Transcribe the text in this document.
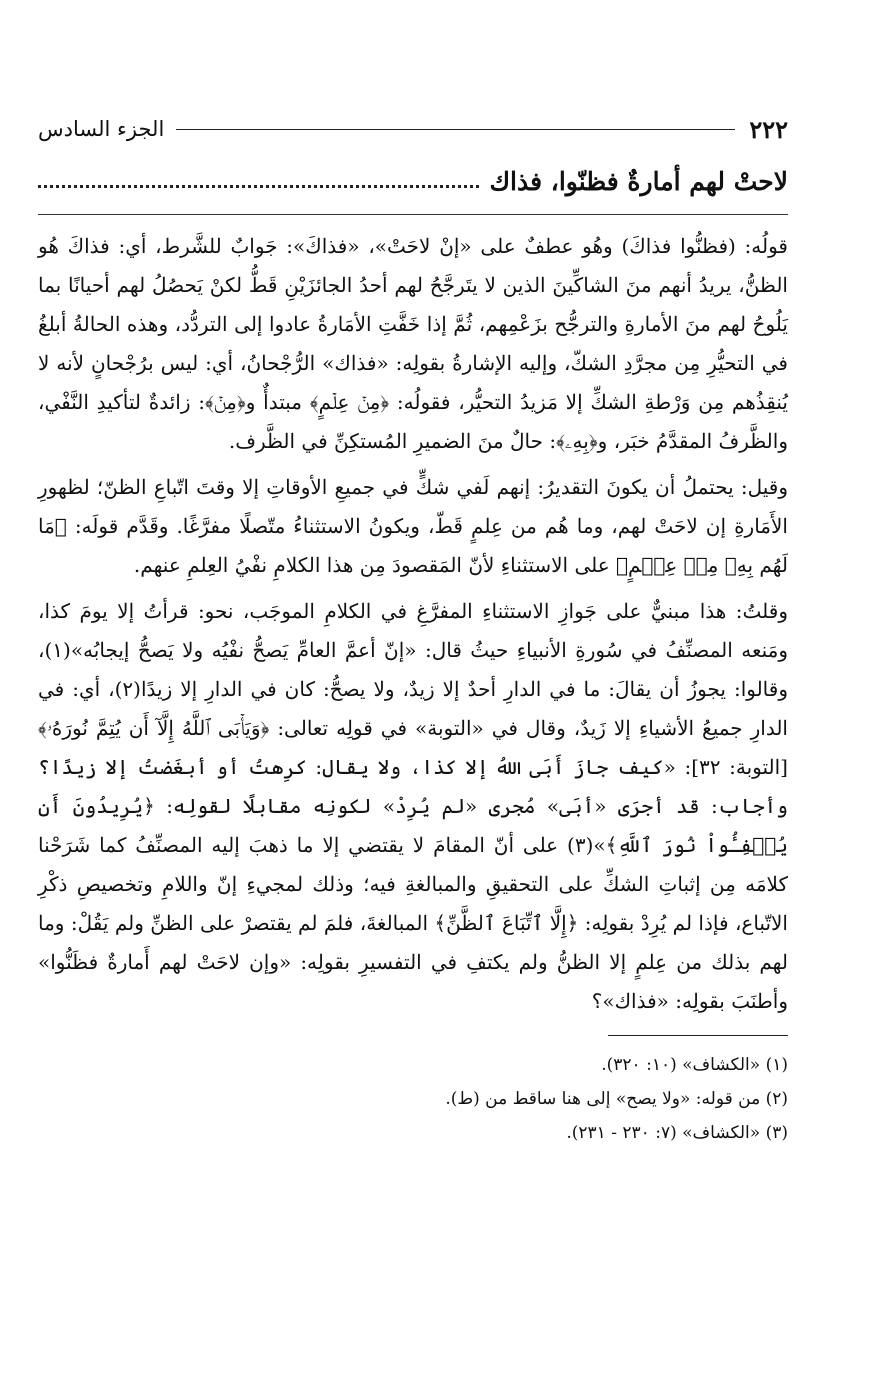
٢٢٢
الجزء السادس
لاحتْ لهم أمارةٌ فظنّوا، فذاك

قولُه: (فظنُّوا فذاكَ) وهُو عطفٌ على «إنْ لاحَتْ»، «فذاكَ»: جَوابٌ للشَّرط، أي: فذاكَ هُو الظنُّ، يريدُ أنهم منَ الشاكِّينَ الذين لا يتَرجَّحُ لهم أحدُ الجائزَيْنِ قَطُّ لكنْ يَحصُلُ لهم أحيانًا بما يَلُوحُ لهم منَ الأمارةِ والترجُّح بزَعْمِهم، ثُمَّ إذا خَفَّتِ الأمَارةُ عادوا إلى التردُّد، وهذه الحالةُ أبلغُ في التحيُّرِ مِن مجرَّدِ الشكّ، وإليه الإشارةُ بقولِه: «فذاك» الرُّجْحانُ، أي: ليس برُجْحانٍ لأنه لا يُنقِذُهم مِن وَرْطةِ الشكِّ إلا مَزيدُ التحيُّر، فقولُه: ﴿مِنۡ عِلۡمٍ﴾ مبتدأٌ و﴿مِنۡ﴾: زائدةٌ لتأكيدِ النَّفْي، والظَّرفُ المقدَّمُ خبَر، و﴿بِهِۦ﴾: حالٌ منَ الضميرِ المُستكِنِّ في الظَّرف.

وقيل: يحتملُ أن يكونَ التقديرُ: إنهم لَفي شكٍّ في جميعِ الأوقاتِ إلا وقتَ اتّباعِ الظنّ؛ لظهورِ الأَمَارةِ إن لاحَتْ لهم، وما هُم من عِلمٍ قَطّ، ويكونُ الاستثناءُ متّصلًا مفرَّغًا. وقَدَّم قولَه: ﴿مَا لَهُم بِهِۦ مِنۡ عِلۡمٍ﴾ على الاستثناءِ لأنّ المَقصودَ مِن هذا الكلامِ نفْيُ العِلمِ عنهم.

وقلتُ: هذا مبنيٌّ على جَوازِ الاستثناءِ المفرَّغِ في الكلامِ الموجَب، نحو: قرأتُ إلا يومَ كذا، ومَنعه المصنِّفُ في سُورةِ الأنبياءِ حيثُ قال: «إنّ أعمَّ العامِّ يَصحُّ نفْيُه ولا يَصحُّ إيجابُه»(١)، وقالوا: يجوزُ أن يقالَ: ما في الدارِ أحدٌ إلا زيدٌ، ولا يصحُّ: كان في الدارِ إلا زيدًا(٢)، أي: في الدارِ جميعُ الأشياءِ إلا زَيدٌ، وقال في «التوبة» في قولِه تعالى: ﴿وَيَأۡبَى ٱللَّهُ إِلَّآ أَن يُتِمَّ نُورَهُۥ﴾ [التوبة: ٣٢]: «كيف جازَ أَبَى اللهُ إلا كذا، ولا يقال: كرِهتُ أو أبغَضتُ إلا زيدًا؟ وأجاب: قد أجرَى «أبَى» مُجرى «لم يُرِدْ» لكونِه مقابلًا لقولِه: ﴿يُرِيدُونَ أَن يُطۡفِـُٔواْ نُورَ ٱللَّهِ﴾»(٣) على أنّ المقامَ لا يقتضي إلا ما ذهبَ إليه المصنِّفُ كما شَرَحْنا كلامَه مِن إثباتِ الشكِّ على التحقيقِ والمبالغةِ فيه؛ وذلك لمجيءِ إنّ واللامِ وتخصيصِ ذكْرِ الاتّباع، فإذا لم يُرِدْ بقولِه: ﴿إِلَّا ٱتِّبَاعَ ٱلظَّنِّ﴾ المبالغةَ، فلمَ لم يقتصرْ على الظنِّ ولم يَقُلْ: وما لهم بذلك من عِلمٍ إلا الظنُّ ولم يكتفِ في التفسيرِ بقولِه: «وإن لاحَتْ لهم أَمارةٌ فظَنُّوا» وأطنَبَ بقولِه: «فذاك»؟

(١) «الكشاف» (١٠: ٣٢٠).
(٢) من قوله: «ولا يصح» إلى هنا ساقط من (ط).
(٣) «الكشاف» (٧: ٢٣٠ - ٢٣١).
